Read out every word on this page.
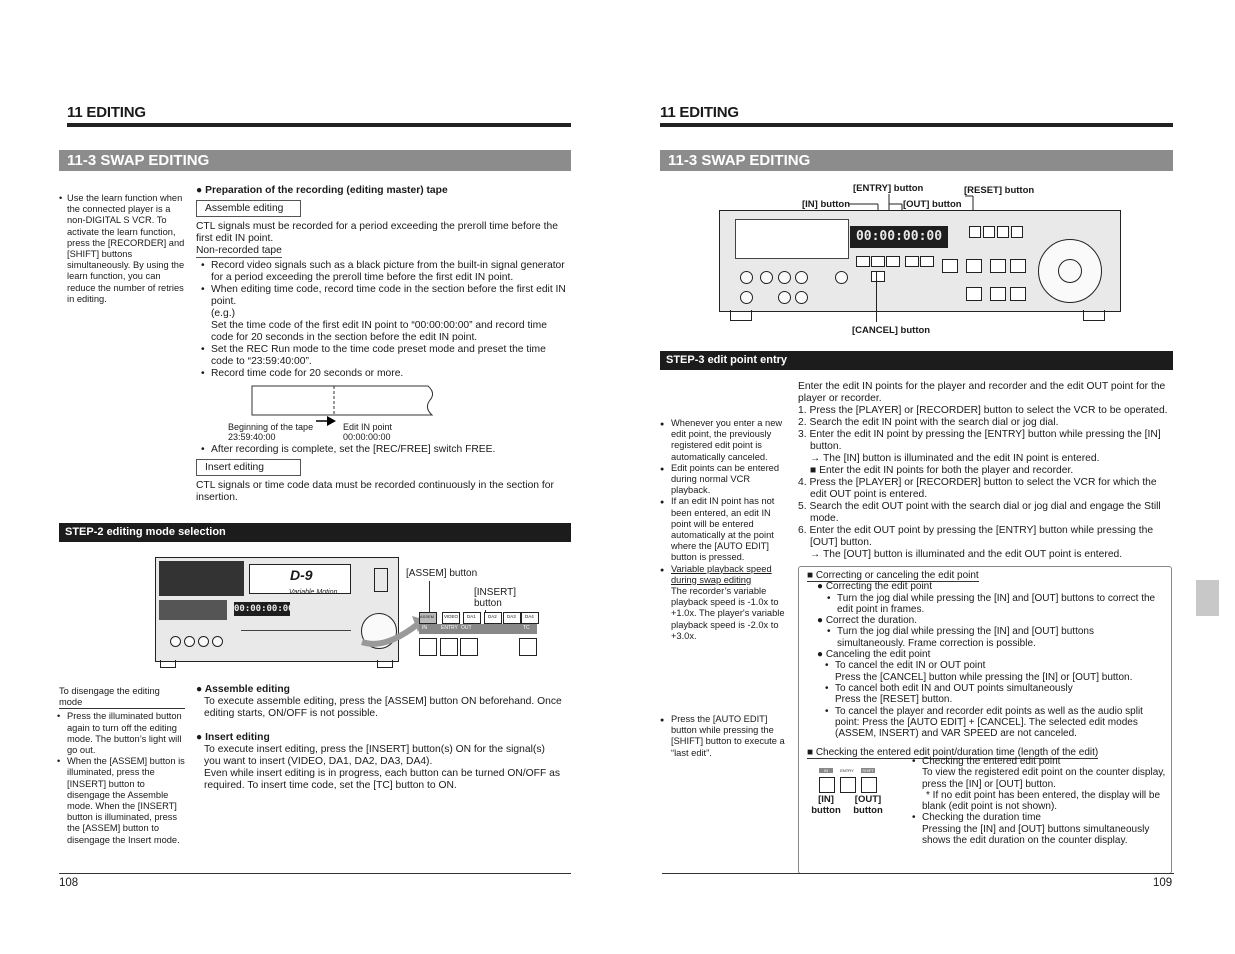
11 EDITING
11-3 SWAP EDITING
• Use the learn function when the connected player is a non-DIGITAL S VCR. To activate the learn function, press the [RECORDER] and [SHIFT] buttons simultaneously. By using the learn function, you can reduce the number of retries in editing.
● Preparation of the recording (editing master) tape
Assemble editing
CTL signals must be recorded for a period exceeding the preroll time before the first edit IN point.
Non-recorded tape
• Record video signals such as a black picture from the built-in signal generator for a period exceeding the preroll time before the first edit IN point.
• When editing time code, record time code in the section before the first edit IN point.
(e.g.)
Set the time code of the first edit IN point to “00:00:00:00” and record time code for 20 seconds in the section before the edit IN point.
• Set the REC Run mode to the time code preset mode and preset the time code to “23:59:40:00”.
• Record time code for 20 seconds or more.
Beginning of the tape
23:59:40:00
Edit IN point
00:00:00:00
• After recording is complete, set the [REC/FREE] switch FREE.
Insert editing
CTL signals or time code data must be recorded continuously in the section for insertion.
STEP-2 editing mode selection
D-9
Variable Motion
00:00:00:00
[ASSEM] button
[INSERT] button
ASSEM VIDEO DA1	DA2 DA3 DA4
IN	ENTRY OUT	TC
To disengage the editing mode
• Press the illuminated button again to turn off the editing mode. The button’s light will go out.
• When the [ASSEM] button is illuminated, press the [INSERT] button to disengage the Assemble mode. When the [INSERT] button is illuminated, press the [ASSEM] button to disengage the Insert mode.
● Assemble editing
To execute assemble editing, press the [ASSEM] button ON beforehand. Once editing starts, ON/OFF is not possible.
● Insert editing
To execute insert editing, press the [INSERT] button(s) ON for the signal(s) you want to insert (VIDEO, DA1, DA2, DA3, DA4).
Even while insert editing is in progress, each button can be turned ON/OFF as required. To insert time code, set the [TC] button to ON.
108
11 EDITING
11-3 SWAP EDITING
[ENTRY] button	[RESET] button
[IN] button	[OUT] button
00:00:00:00
[CANCEL] button
STEP-3 edit point entry
● Whenever you enter a new edit point, the previously registered edit point is automatically canceled.
● Edit points can be entered during normal VCR playback.
● If an edit IN point has not been entered, an edit IN point will be entered automatically at the point where the [AUTO EDIT] button is pressed.
● Variable playback speed during swap editing
The recorder’s variable playback speed is -1.0x to +1.0x. The player's variable playback speed is -2.0x to +3.0x.
● Press the [AUTO EDIT] button while pressing the [SHIFT] button to execute a “last edit”.
Enter the edit IN points for the player and recorder and the edit OUT point for the player or recorder.
1. Press the [PLAYER] or [RECORDER] button to select the VCR to be operated.
2. Search the edit IN point with the search dial or jog dial.
3. Enter the edit IN point by pressing the [ENTRY] button while pressing the [IN] button.
→ The [IN] button is illuminated and the edit IN point is entered.
■ Enter the edit IN points for both the player and recorder.
4. Press the [PLAYER] or [RECORDER] button to select the VCR for which the edit OUT point is entered.
5. Search the edit OUT point with the search dial or jog dial and engage the Still mode.
6. Enter the edit OUT point by pressing the [ENTRY] button while pressing the [OUT] button.
→ The [OUT] button is illuminated and the edit OUT point is entered.
■ Correcting or canceling the edit point
● Correcting the edit point
• Turn the jog dial while pressing the [IN] and [OUT] buttons to correct the edit point in frames.
● Correct the duration.
• Turn the jog dial while pressing the [IN] and [OUT] buttons simultaneously. Frame correction is possible.
● Canceling the edit point
• To cancel the edit IN or OUT point
Press the [CANCEL] button while pressing the [IN] or [OUT] button.
• To cancel both edit IN and OUT points simultaneously
Press the [RESET] button.
• To cancel the player and recorder edit points as well as the audio split point: Press the [AUTO EDIT] + [CANCEL]. The selected edit modes (ASSEM, INSERT) and VAR SPEED are not canceled.
■ Checking the entered edit point/duration time (length of the edit)
• Checking the entered edit point
To view the registered edit point on the counter display, press the [IN] or [OUT] button.
* If no edit point has been entered, the display will be blank (edit point is not shown).
• Checking the duration time
Pressing the [IN] and [OUT] buttons simultaneously shows the edit duration on the counter display.
IN	ENTRY	SHIFT
[IN] button
[OUT] button
109
